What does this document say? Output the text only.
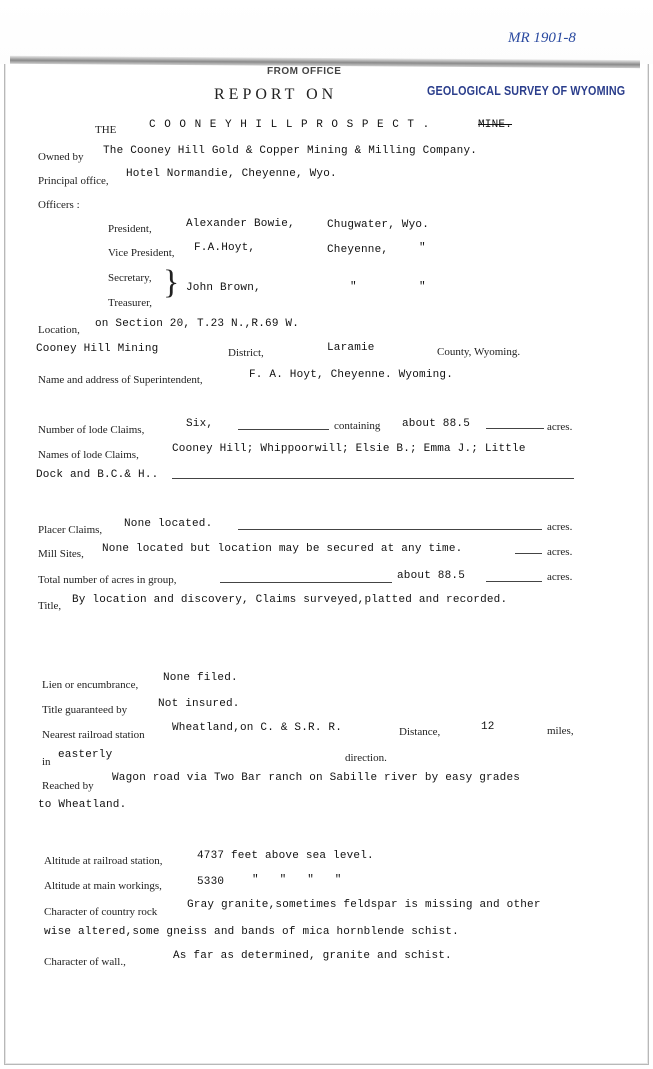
MR 1901-8
FROM OFFICE
REPORT ON	GEOLOGICAL SURVEY OF WYOMING
THE	C O O N E Y H I L L P R O S P E C T .	MINE.
Owned by The Cooney Hill Gold & Copper Mining & Milling Company.
Principal office,
Hotel Normandie, Cheyenne, Wyo.
Officers :
President,	Alexander Bowie,	Chugwater, Wyo.
Vice President, F.A.Hoyt,	Cheyenne,	"
Secretary,
Treasurer,
} John Brown,	"	"
Location, on Section 20, T.23 N.,R.69 W.
Cooney Hill Mining	District,	Laramie	County, Wyoming.
Name and address of Superintendent,	F. A. Hoyt, Cheyenne. Wyoming.
Number of lode Claims,	Six,	containing about 88.5	acres.
Names of lode Claims,	Cooney Hill; Whippoorwill; Elsie B.; Emma J.; Little
Dock and B.C.& H..
Placer Claims, None located.	acres.
Mill Sites, None located but location may be secured at any time.	acres.
Total number of acres in group,	about 88.5	acres.
Title, By location and discovery, Claims surveyed,platted and recorded.
Lien or encumbrance,
None filed.
Title guaranteed by	Not insured.
Nearest railroad station
Wheatland,on C. & S.R. R.	Distance,	12	miles,
in
easterly	direction.
Reached by
Wagon road via Two Bar ranch on Sabille river by easy grades
to Wheatland.
Altitude at railroad station,	4737 feet above sea level.
Altitude at main workings,	5330	" " " "
Character of country rock
Gray granite,sometimes feldspar is missing and other
wise altered,some gneiss and bands of mica hornblende schist.
Character of wall.,	As far as determined, granite and schist.
